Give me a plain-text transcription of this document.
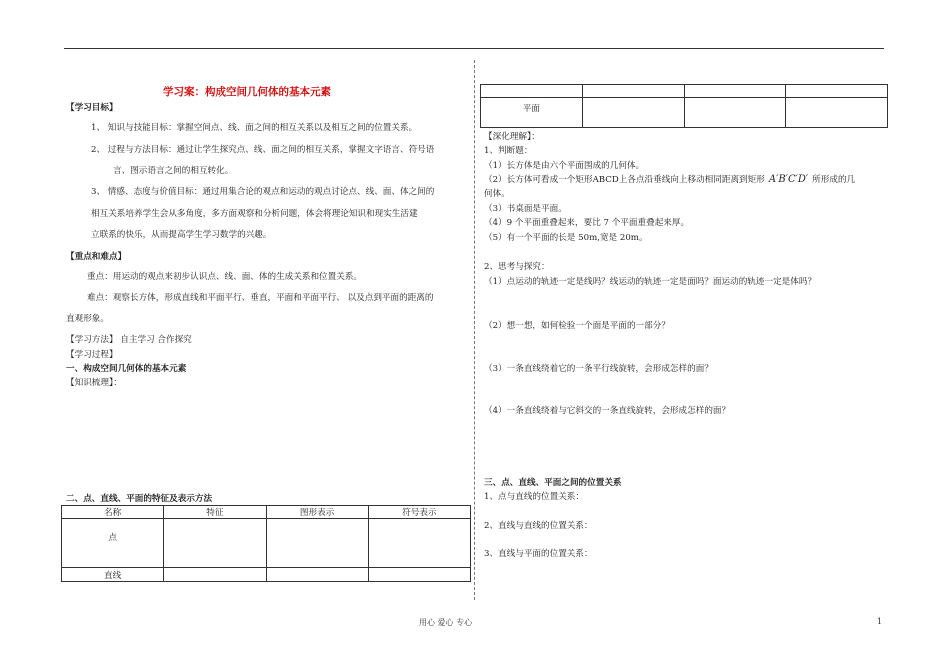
学习案：构成空间几何体的基本元素
【学习目标】
1、 知识与技能目标：掌握空间点、线、面之间的相互关系以及相互之间的位置关系。
2、 过程与方法目标：通过让学生探究点、线、面之间的相互关系，掌握文字语言、符号语
言、图示语言之间的相互转化。
3、 情感、态度与价值目标：通过用集合论的观点和运动的观点讨论点、线、面、体之间的
相互关系培养学生会从多角度，多方面观察和分析问题，体会将理论知识和现实生活建
立联系的快乐，从而提高学生学习数学的兴趣。
【重点和难点】
重点：用运动的观点来初步认识点、线、面、体的生成关系和位置关系。
难点：观察长方体，形成直线和平面平行、垂直，平面和平面平行、 以及点到平面的距离的
直观形象。
【学习方法】 自主学习 合作探究
【学习过程】
一、构成空间几何体的基本元素
【知识梳理】：
二、点、直线、平面的特征及表示方法
名称	特征	图形表示	符号表示
点			
直线			

平面			
【深化理解】：
1、判断题：
（1）长方体是由六个平面围成的几何体。
（2）长方体可看成一个矩形ABCD上各点沿垂线向上移动相同距离到矩形 A′B′C′D′ 所形成的几
何体。
（3）书桌面是平面。
（4）9 个平面重叠起来，要比 7 个平面重叠起来厚。
（5）有一个平面的长是 50m,宽是 20m。
2、思考与探究：
（1）点运动的轨迹一定是线吗？线运动的轨迹一定是面吗？面运动的轨迹一定是体吗？
（2）想一想，如何检验一个面是平面的一部分？
（3）一条直线绕着它的一条平行线旋转，会形成怎样的面？
（4）一条直线绕着与它斜交的一条直线旋转，会形成怎样的面？
三、点、直线、平面之间的位置关系
1、点与直线的位置关系：
2、直线与直线的位置关系：
3、直线与平面的位置关系：
用心 爱心 专心	1
